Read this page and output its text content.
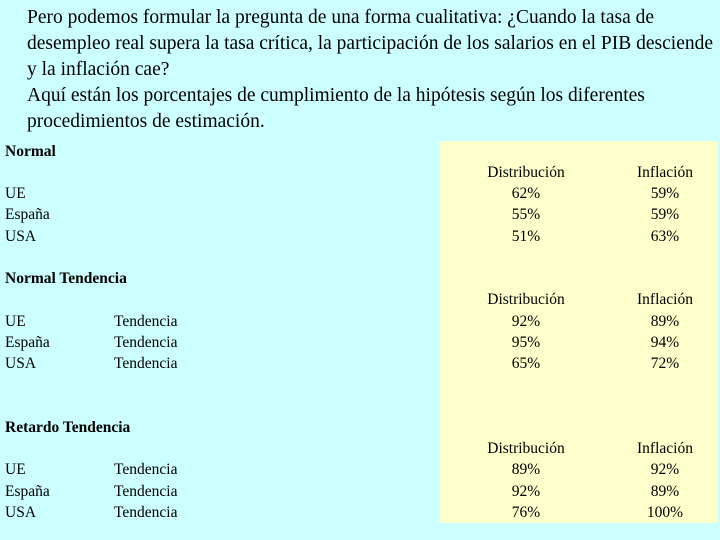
Pero podemos formular la pregunta de una forma cualitativa: ¿Cuando la tasa de desempleo real supera la tasa crítica, la participación de los salarios en el PIB desciende y la inflación cae?

Aquí están los porcentajes de cumplimiento de la hipótesis según los diferentes procedimientos de estimación.

Normal
Distribución	Inflación
UE	62%	59%
España	55%	59%
USA	51%	63%
Normal Tendencia
Distribución	Inflación
UE	Tendencia	92%	89%
España	Tendencia	95%	94%
USA	Tendencia	65%	72%
Retardo Tendencia
Distribución	Inflación
UE	Tendencia	89%	92%
España	Tendencia	92%	89%
USA	Tendencia	76%	100%
